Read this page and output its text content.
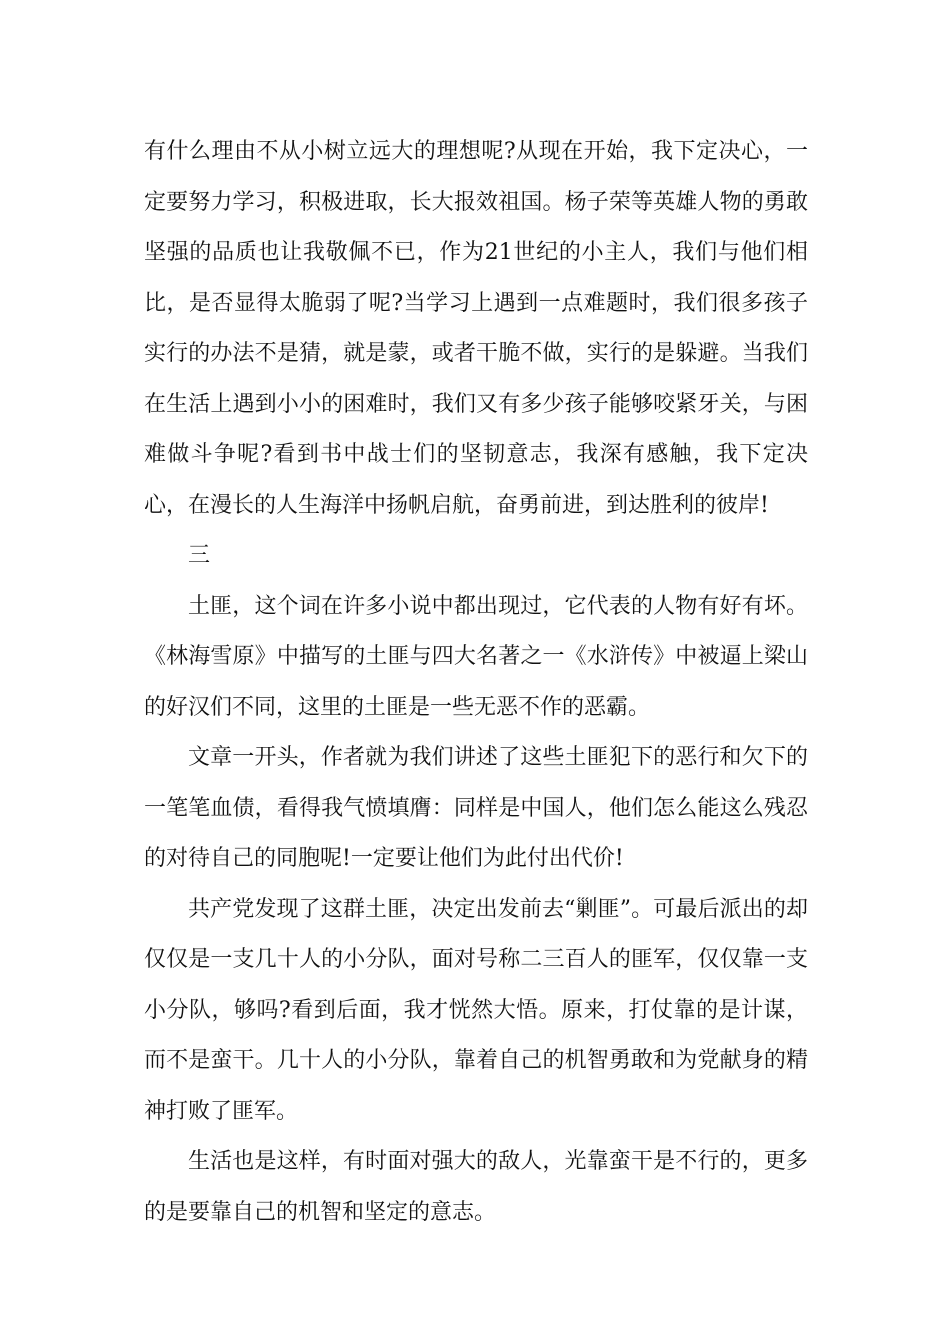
有什么理由不从小树立远大的理想呢?从现在开始，我下定决心，一定要努力学习，积极进取，长大报效祖国。杨子荣等英雄人物的勇敢坚强的品质也让我敬佩不已，作为21世纪的小主人，我们与他们相比，是否显得太脆弱了呢?当学习上遇到一点难题时，我们很多孩子实行的办法不是猜，就是蒙，或者干脆不做，实行的是躲避。当我们在生活上遇到小小的困难时，我们又有多少孩子能够咬紧牙关，与困难做斗争呢?看到书中战士们的坚韧意志，我深有感触，我下定决心，在漫长的人生海洋中扬帆启航，奋勇前进，到达胜利的彼岸!

三

土匪，这个词在许多小说中都出现过，它代表的人物有好有坏。《林海雪原》中描写的土匪与四大名著之一《水浒传》中被逼上梁山的好汉们不同，这里的土匪是一些无恶不作的恶霸。

文章一开头，作者就为我们讲述了这些土匪犯下的恶行和欠下的一笔笔血债，看得我气愤填膺：同样是中国人，他们怎么能这么残忍的对待自己的同胞呢!一定要让他们为此付出代价!

共产党发现了这群土匪，决定出发前去“剿匪”。可最后派出的却仅仅是一支几十人的小分队，面对号称二三百人的匪军，仅仅靠一支小分队，够吗?看到后面，我才恍然大悟。原来，打仗靠的是计谋，而不是蛮干。几十人的小分队，靠着自己的机智勇敢和为党献身的精神打败了匪军。

生活也是这样，有时面对强大的敌人，光靠蛮干是不行的，更多的是要靠自己的机智和坚定的意志。
